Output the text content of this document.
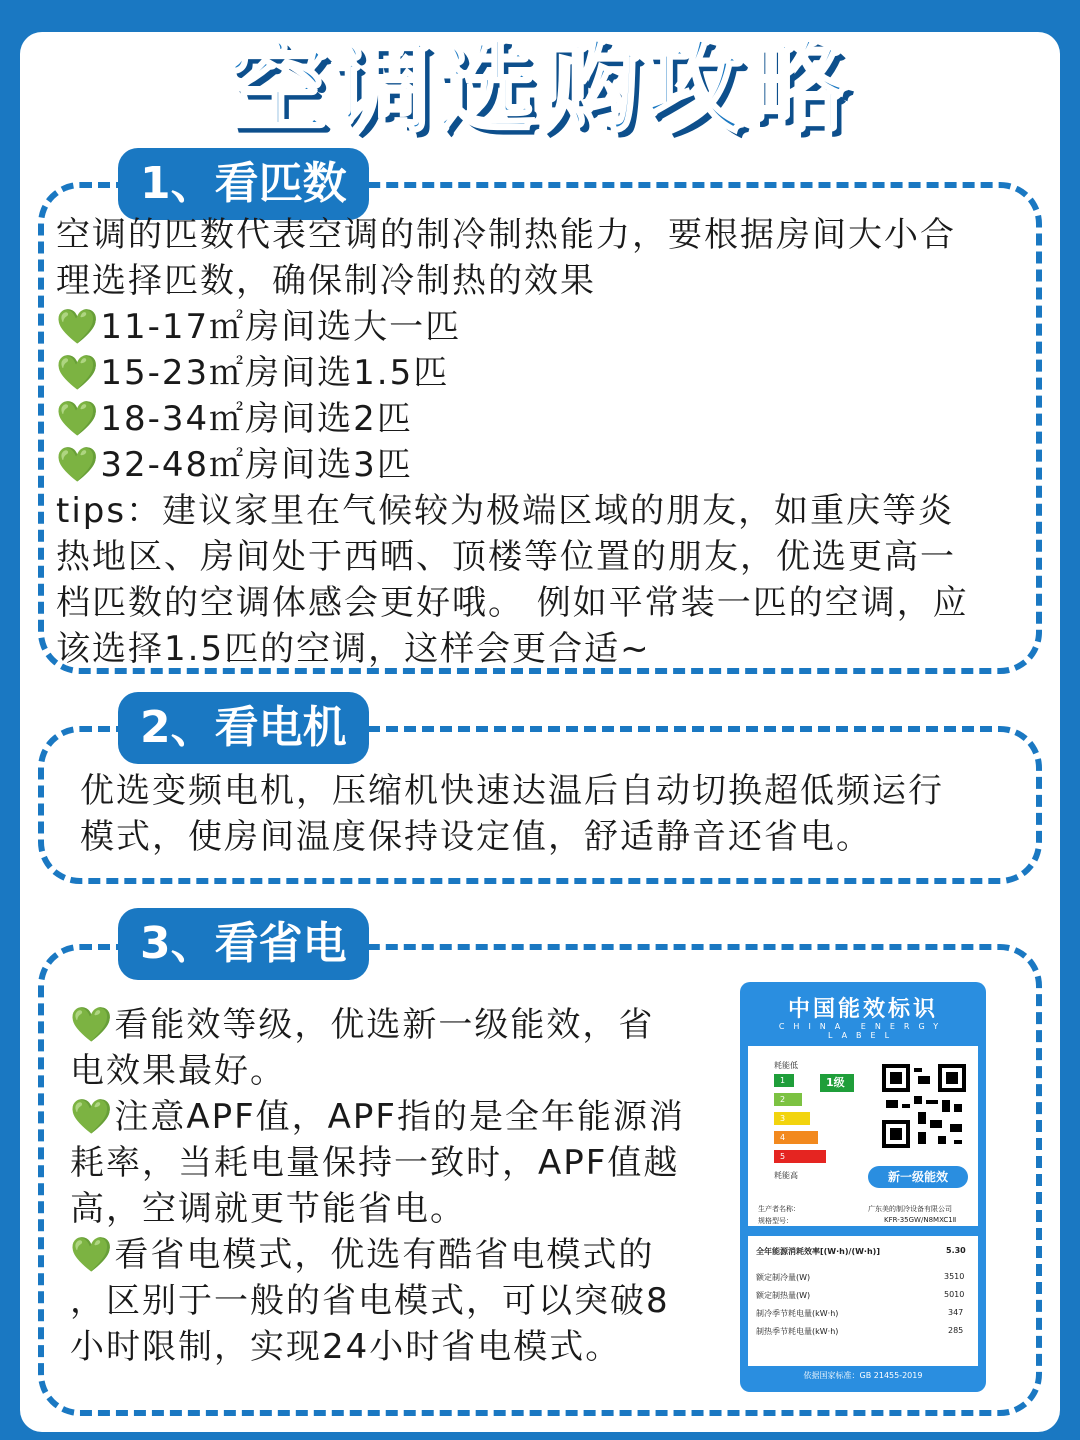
空调选购攻略
1、看匹数
空调的匹数代表空调的制冷制热能力，要根据房间大小合
理选择匹数，确保制冷制热的效果
💚11-17㎡房间选大一匹
💚15-23㎡房间选1.5匹
💚18-34㎡房间选2匹
💚32-48㎡房间选3匹
tips：建议家里在气候较为极端区域的朋友，如重庆等炎
热地区、房间处于西晒、顶楼等位置的朋友，优选更高一
档匹数的空调体感会更好哦。 例如平常装一匹的空调，应
该选择1.5匹的空调，这样会更合适~
2、看电机
优选变频电机，压缩机快速达温后自动切换超低频运行
模式，使房间温度保持设定值，舒适静音还省电。
3、看省电
💚看能效等级，优选新一级能效，省
电效果最好。
💚注意APF值，APF指的是全年能源消
耗率，当耗电量保持一致时，APF值越
高，空调就更节能省电。
💚看省电模式，优选有酷省电模式的
，区别于一般的省电模式，可以突破8
小时限制，实现24小时省电模式。
中国能效标识
CHINA ENERGY LABEL
耗能低
1
2
3
4
5
耗能高
1级
新一级能效
生产者名称：	广东美的制冷设备有限公司
规格型号：	KFR-35GW/N8MXC1Ⅱ
全年能源消耗效率[(W·h)/(W·h)]	5.30
额定制冷量(W)	3510
额定制热量(W)	5010
制冷季节耗电量(kW·h)	347
制热季节耗电量(kW·h)	285
依据国家标准：GB 21455-2019
